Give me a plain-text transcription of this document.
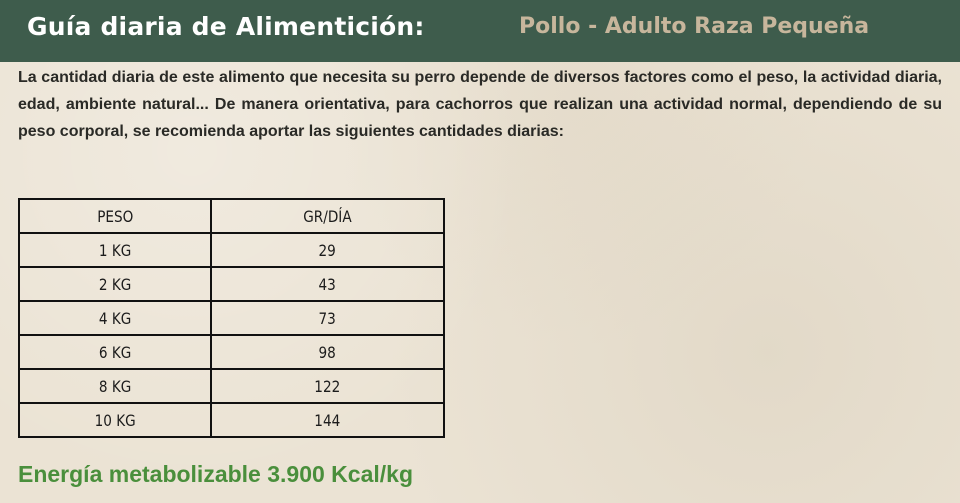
Guía diaria de Alimentición:	Pollo - Adulto Raza Pequeña

La cantidad diaria de este alimento que necesita su perro depende de diversos factores como el peso, la actividad diaria, edad, ambiente natural... De manera orientativa, para cachorros que realizan una actividad normal, dependiendo de su peso corporal, se recomienda aportar las siguientes cantidades diarias:

PESO	GR/DÍA
1 KG	29
2 KG	43
4 KG	73
6 KG	98
8 KG	122
10 KG	144
Energía metabolizable 3.900 Kcal/kg
